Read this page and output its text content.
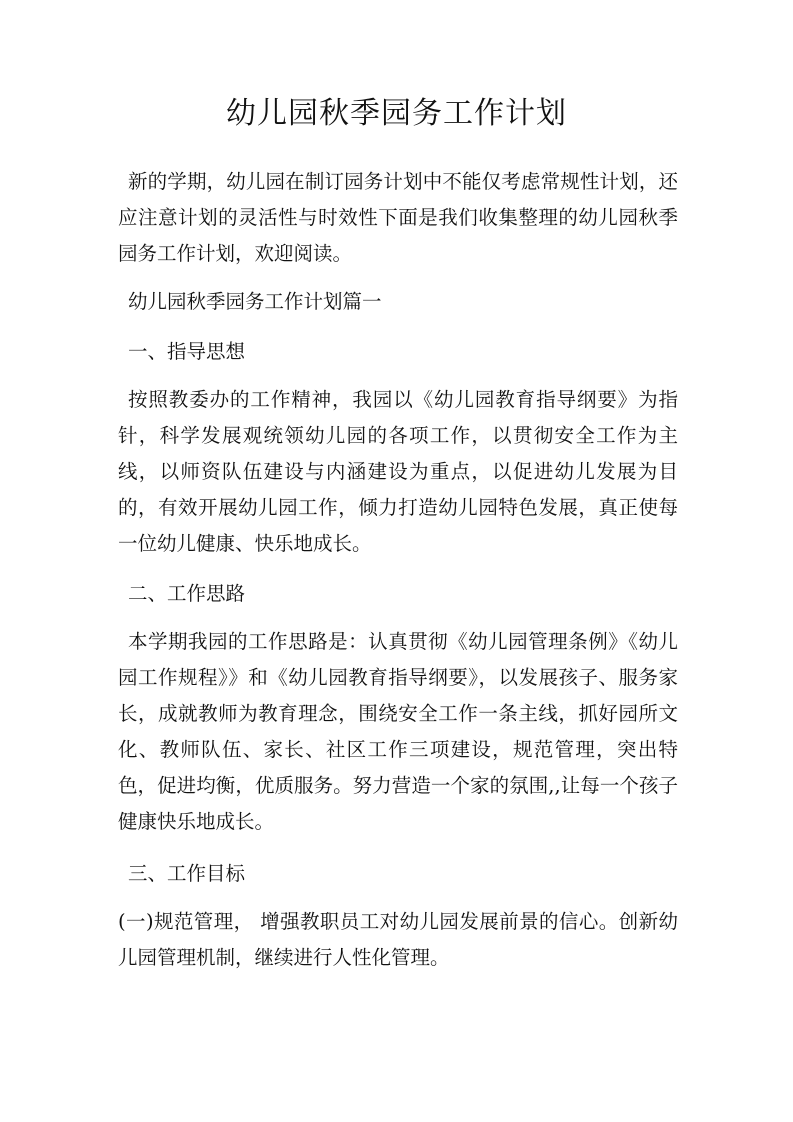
幼儿园秋季园务工作计划

新的学期，幼儿园在制订园务计划中不能仅考虑常规性计划，还应注意计划的灵活性与时效性下面是我们收集整理的幼儿园秋季园务工作计划，欢迎阅读。

幼儿园秋季园务工作计划篇一

一、指导思想

按照教委办的工作精神，我园以《幼儿园教育指导纲要》为指针，科学发展观统领幼儿园的各项工作，以贯彻安全工作为主线，以师资队伍建设与内涵建设为重点，以促进幼儿发展为目的，有效开展幼儿园工作，倾力打造幼儿园特色发展，真正使每一位幼儿健康、快乐地成长。

二、工作思路

本学期我园的工作思路是：认真贯彻《幼儿园管理条例》《幼儿园工作规程》》和《幼儿园教育指导纲要》，以发展孩子、服务家长，成就教师为教育理念，围绕安全工作一条主线，抓好园所文化、教师队伍、家长、社区工作三项建设，规范管理，突出特色，促进均衡，优质服务。努力营造一个家的氛围,,让每一个孩子健康快乐地成长。

三、工作目标

(一)规范管理， 增强教职员工对幼儿园发展前景的信心。创新幼儿园管理机制，继续进行人性化管理。
